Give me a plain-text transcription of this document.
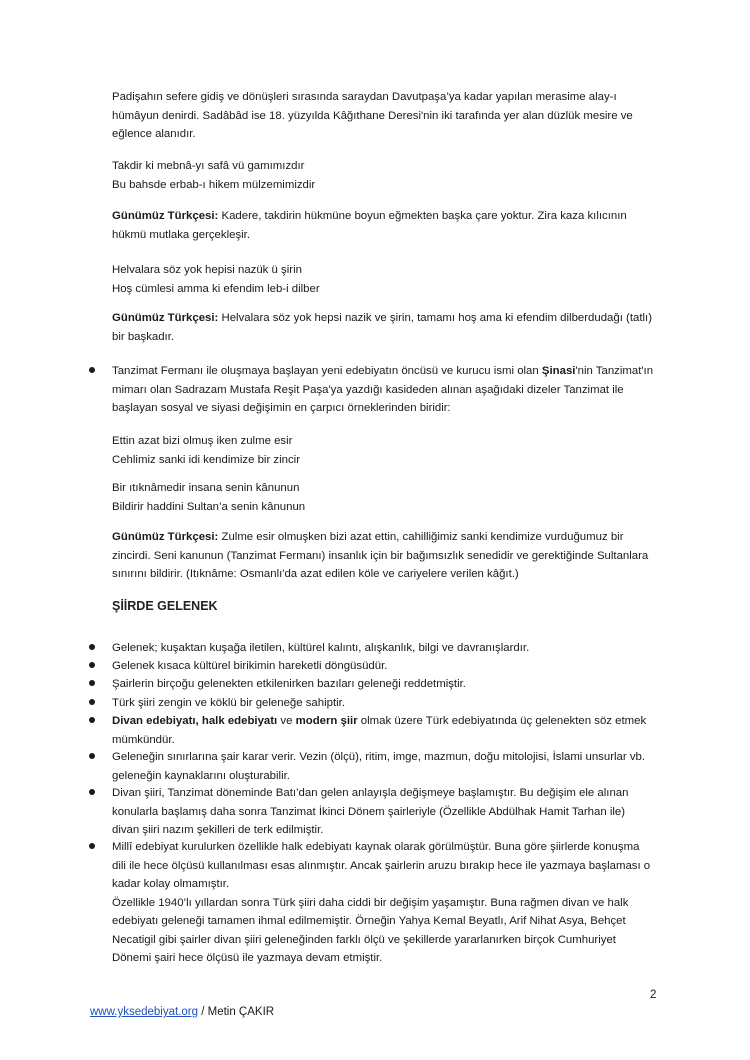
Padişahın sefere gidiş ve dönüşleri sırasında saraydan Davutpaşa’ya kadar yapılan merasime alay-ı
hümâyun denirdi. Sadâbâd ise 18. yüzyılda Kâğıthane Deresi'nin iki tarafında yer alan düzlük mesire ve
eğlence alanıdır.

Takdir ki mebnâ-yı safâ vü gamımızdır
Bu bahsde erbab-ı hikem mülzemimizdir

Günümüz Türkçesi: Kadere, takdirin hükmüne boyun eğmekten başka çare yoktur. Zira kaza kılıcının
hükmü mutlaka gerçekleşir.

Helvalara söz yok hepisi nazük ü şirin
Hoş cümlesi amma ki efendim leb-i dilber

Günümüz Türkçesi: Helvalara söz yok hepsi nazik ve şirin, tamamı hoş ama ki efendim dilberdudağı (tatlı)
bir başkadır.

Tanzimat Fermanı ile oluşmaya başlayan yeni edebiyatın öncüsü ve kurucu ismi olan Şinasi'nin Tanzimat'ın
mimarı olan Sadrazam Mustafa Reşit Paşa'ya yazdığı kasideden alınan aşağıdaki dizeler Tanzimat ile
başlayan sosyal ve siyasi değişimin en çarpıcı örneklerinden biridir:

Ettin azat bizi olmuş iken zulme esir
Cehlimiz sanki idi kendimize bir zincir

Bir ıtıknâmedir insana senin kânunun
Bildirir haddini Sultan’a senin kânunun

Günümüz Türkçesi: Zulme esir olmuşken bizi azat ettin, cahilliğimiz sanki kendimize vurduğumuz bir
zincirdi. Seni kanunun (Tanzimat Fermanı) insanlık için bir bağımsızlık senedidir ve gerektiğinde Sultanlara
sınırını bildirir. (Itıknâme: Osmanlı'da azat edilen köle ve cariyelere verilen kâğıt.)

ŞİİRDE GELENEK

Gelenek; kuşaktan kuşağa iletilen, kültürel kalıntı, alışkanlık, bilgi ve davranışlardır.

Gelenek kısaca kültürel birikimin hareketli döngüsüdür.

Şairlerin birçoğu gelenekten etkilenirken bazıları geleneği reddetmiştir.

Türk şiiri zengin ve köklü bir geleneğe sahiptir.

Divan edebiyatı, halk edebiyatı ve modern şiir olmak üzere Türk edebiyatında üç gelenekten söz etmek
mümkündür.

Geleneğin sınırlarına şair karar verir. Vezin (ölçü), ritim, imge, mazmun, doğu mitolojisi, İslami unsurlar vb.
geleneğin kaynaklarını oluşturabilir.

Divan şiiri, Tanzimat döneminde Batı’dan gelen anlayışla değişmeye başlamıştır. Bu değişim ele alınan
konularla başlamış daha sonra Tanzimat İkinci Dönem şairleriyle (Özellikle Abdülhak Hamit Tarhan ile)
divan şiiri nazım şekilleri de terk edilmiştir.

Millî edebiyat kurulurken özellikle halk edebiyatı kaynak olarak görülmüştür. Buna göre şiirlerde konuşma
dili ile hece ölçüsü kullanılması esas alınmıştır. Ancak şairlerin aruzu bırakıp hece ile yazmaya başlaması o
kadar kolay olmamıştır.
Özellikle 1940’lı yıllardan sonra Türk şiiri daha ciddi bir değişim yaşamıştır. Buna rağmen divan ve halk
edebiyatı geleneği tamamen ihmal edilmemiştir. Örneğin Yahya Kemal Beyatlı, Arif Nihat Asya, Behçet
Necatigil gibi şairler divan şiiri geleneğinden farklı ölçü ve şekillerde yararlanırken birçok Cumhuriyet
Dönemi şairi hece ölçüsü ile yazmaya devam etmiştir.

2
www.yksedebiyat.org / Metin ÇAKIR
